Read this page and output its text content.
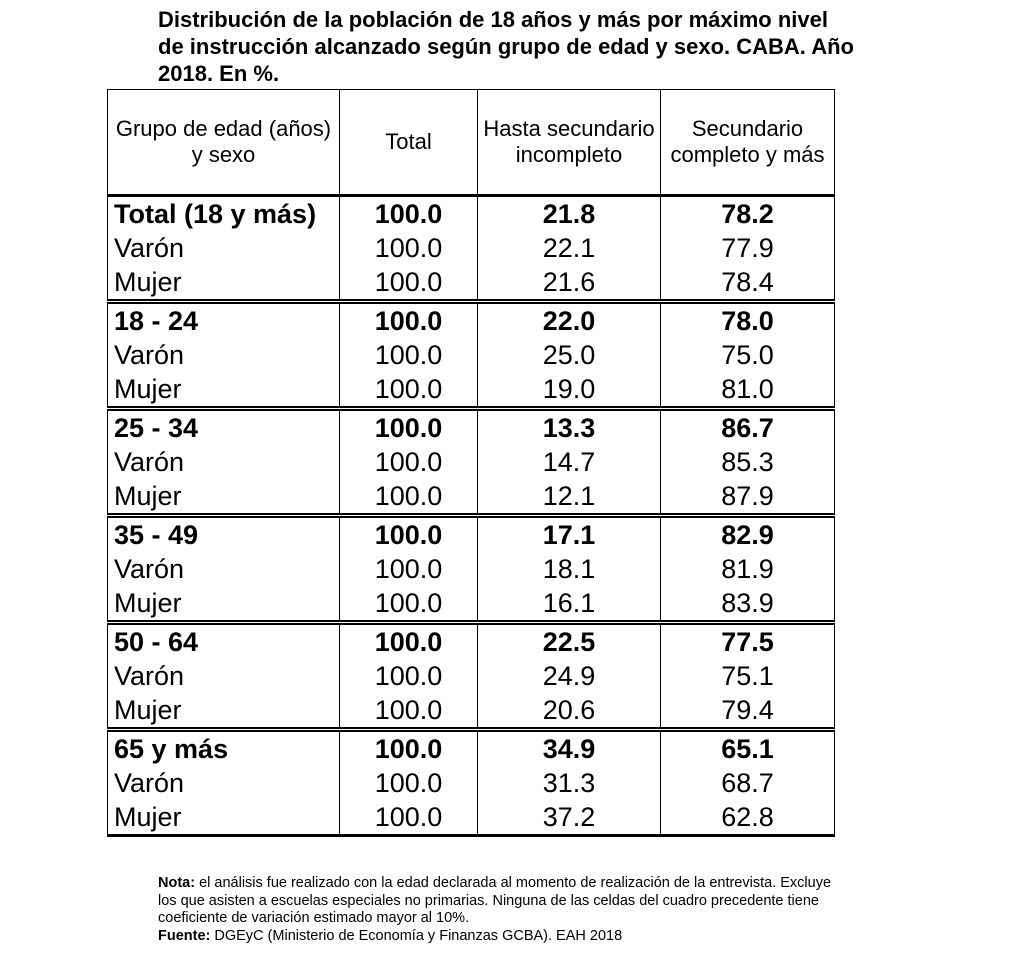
Distribución de la población de 18 años y más por máximo nivel de instrucción alcanzado según grupo de edad y sexo. CABA. Año 2018. En %.
Grupo de edad (años) y sexo	Total	Hasta secundario incompleto	Secundario completo y más
Total (18 y más)	100.0	21.8	78.2
Varón	100.0	22.1	77.9
Mujer	100.0	21.6	78.4
18 - 24	100.0	22.0	78.0
Varón	100.0	25.0	75.0
Mujer	100.0	19.0	81.0
25 - 34	100.0	13.3	86.7
Varón	100.0	14.7	85.3
Mujer	100.0	12.1	87.9
35 - 49	100.0	17.1	82.9
Varón	100.0	18.1	81.9
Mujer	100.0	16.1	83.9
50 - 64	100.0	22.5	77.5
Varón	100.0	24.9	75.1
Mujer	100.0	20.6	79.4
65 y más	100.0	34.9	65.1
Varón	100.0	31.3	68.7
Mujer	100.0	37.2	62.8
Nota: el análisis fue realizado con la edad declarada al momento de realización de la entrevista. Excluye los que asisten a escuelas especiales no primarias. Ninguna de las celdas del cuadro precedente tiene coeficiente de variación estimado mayor al 10%.
Fuente: DGEyC (Ministerio de Economía y Finanzas GCBA). EAH 2018
